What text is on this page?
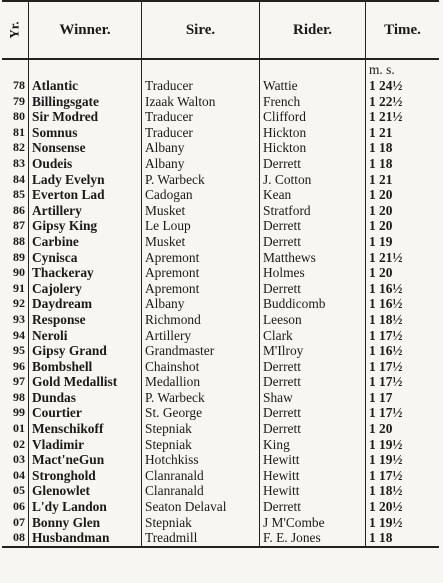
Yr.	Winner.	Sire.	Rider.	Time.
				m. s.
78	Atlantic	Traducer	Wattie	1 24½
79	Billingsgate	Izaak Walton	French	1 22½
80	Sir Modred	Traducer	Clifford	1 21½
81	Somnus	Traducer	Hickton	1 21
82	Nonsense	Albany	Hickton	1 18
83	Oudeis	Albany	Derrett	1 18
84	Lady Evelyn	P. Warbeck	J. Cotton	1 21
85	Everton Lad	Cadogan	Kean	1 20
86	Artillery	Musket	Stratford	1 20
87	Gipsy King	Le Loup	Derrett	1 20
88	Carbine	Musket	Derrett	1 19
89	Cynisca	Apremont	Matthews	1 21½
90	Thackeray	Apremont	Holmes	1 20
91	Cajolery	Apremont	Derrett	1 16½
92	Daydream	Albany	Buddicomb	1 16½
93	Response	Richmond	Leeson	1 18½
94	Neroli	Artillery	Clark	1 17½
95	Gipsy Grand	Grandmaster	M'Ilroy	1 16½
96	Bombshell	Chainshot	Derrett	1 17½
97	Gold Medallist	Medallion	Derrett	1 17½
98	Dundas	P. Warbeck	Shaw	1 17
99	Courtier	St. George	Derrett	1 17½
01	Menschikoff	Stepniak	Derrett	1 20
02	Vladimir	Stepniak	King	1 19½
03	Mact'neGun	Hotchkiss	Hewitt	1 19½
04	Stronghold	Clanranald	Hewitt	1 17½
05	Glenowlet	Clanranald	Hewitt	1 18½
06	L'dy Landon	Seaton Delaval	Derrett	1 20½
07	Bonny Glen	Stepniak	J M'Combe	1 19½
08	Husbandman	Treadmill	F. E. Jones	1 18
